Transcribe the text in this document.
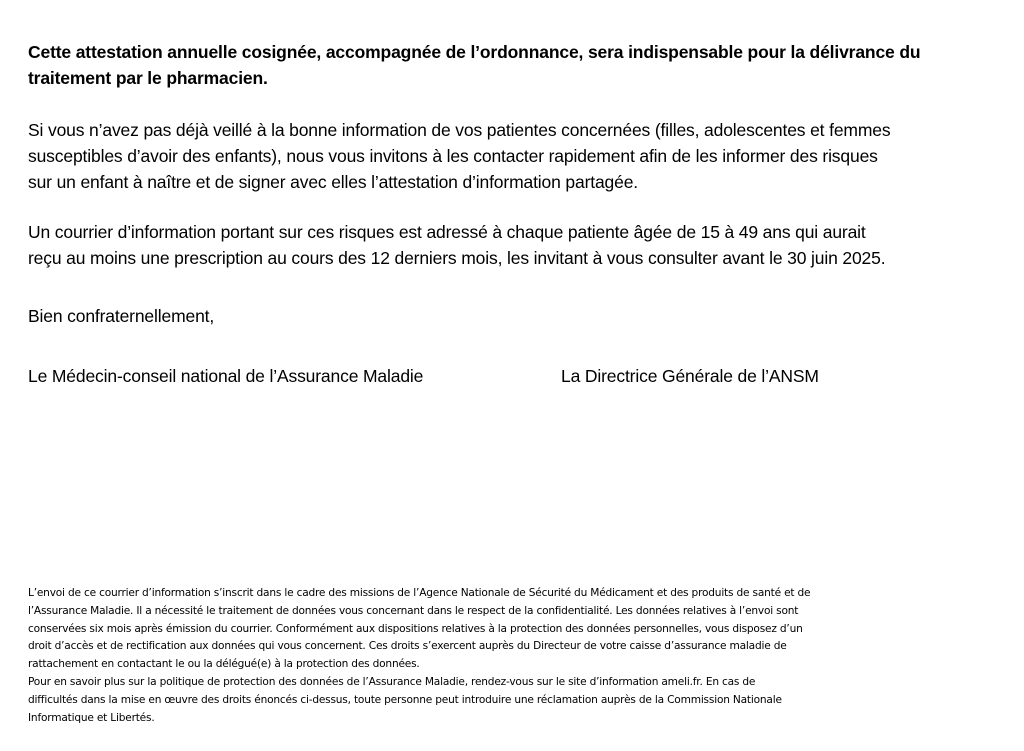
Cette attestation annuelle cosignée, accompagnée de l’ordonnance, sera indispensable pour la délivrance du
traitement par le pharmacien.

Si vous n’avez pas déjà veillé à la bonne information de vos patientes concernées (filles, adolescentes et femmes
susceptibles d’avoir des enfants), nous vous invitons à les contacter rapidement afin de les informer des risques
sur un enfant à naître et de signer avec elles l’attestation d’information partagée.

Un courrier d’information portant sur ces risques est adressé à chaque patiente âgée de 15 à 49 ans qui aurait
reçu au moins une prescription au cours des 12 derniers mois, les invitant à vous consulter avant le 30 juin 2025.

Bien confraternellement,

Le Médecin-conseil national de l’Assurance Maladie	La Directrice Générale de l’ANSM
L’envoi de ce courrier d’information s’inscrit dans le cadre des missions de l’Agence Nationale de Sécurité du Médicament et des produits de santé et de
l’Assurance Maladie. Il a nécessité le traitement de données vous concernant dans le respect de la confidentialité. Les données relatives à l’envoi sont
conservées six mois après émission du courrier. Conformément aux dispositions relatives à la protection des données personnelles, vous disposez d’un
droit d’accès et de rectification aux données qui vous concernent. Ces droits s’exercent auprès du Directeur de votre caisse d’assurance maladie de
rattachement en contactant le ou la délégué(e) à la protection des données.
Pour en savoir plus sur la politique de protection des données de l’Assurance Maladie, rendez-vous sur le site d’information ameli.fr. En cas de
difficultés dans la mise en œuvre des droits énoncés ci-dessus, toute personne peut introduire une réclamation auprès de la Commission Nationale
Informatique et Libertés.
